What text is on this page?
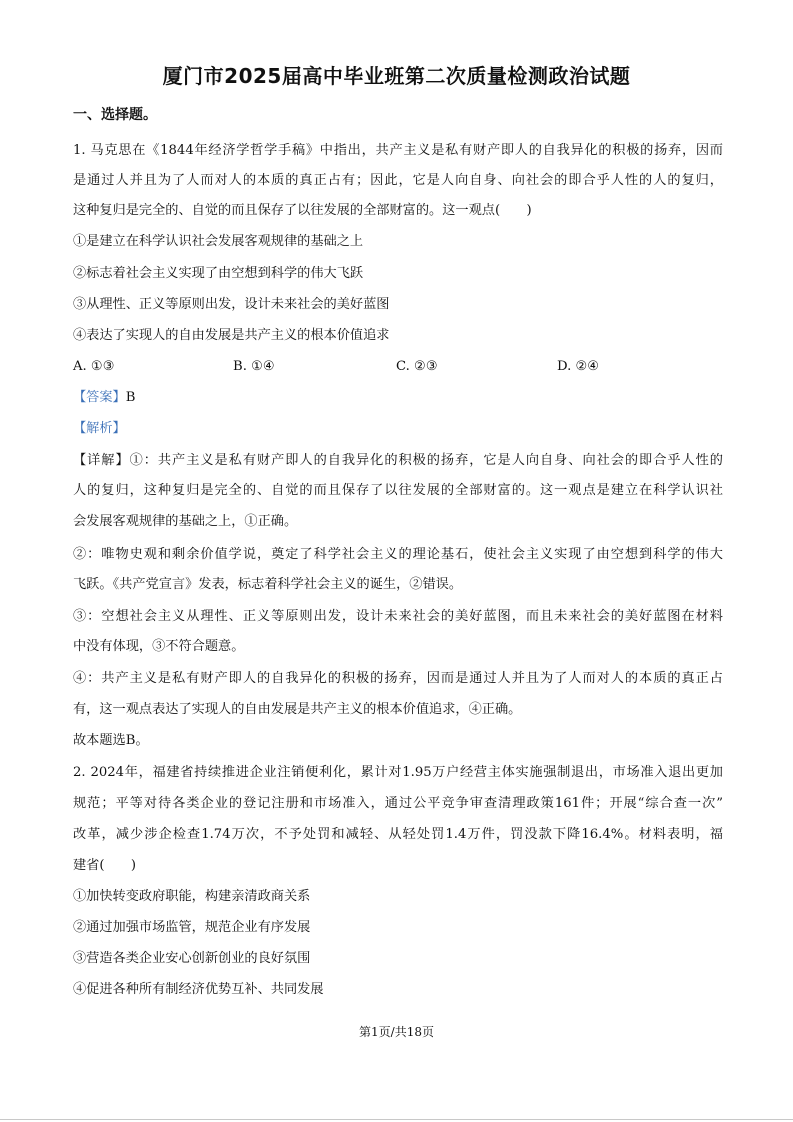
厦门市2025届高中毕业班第二次质量检测政治试题
一、选择题。
1. 马克思在《1844年经济学哲学手稿》中指出，共产主义是私有财产即人的自我异化的积极的扬弃，因而
是通过人并且为了人而对人的本质的真正占有；因此，它是人向自身、向社会的即合乎人性的人的复归，
这种复归是完全的、自觉的而且保存了以往发展的全部财富的。这一观点(　　)
①是建立在科学认识社会发展客观规律的基础之上
②标志着社会主义实现了由空想到科学的伟大飞跃
③从理性、正义等原则出发，设计未来社会的美好蓝图
④表达了实现人的自由发展是共产主义的根本价值追求
A. ①③	B. ①④	C. ②③	D. ②④
【答案】B
【解析】
【详解】①：共产主义是私有财产即人的自我异化的积极的扬弃，它是人向自身、向社会的即合乎人性的
人的复归，这种复归是完全的、自觉的而且保存了以往发展的全部财富的。这一观点是建立在科学认识社
会发展客观规律的基础之上，①正确。
②：唯物史观和剩余价值学说，奠定了科学社会主义的理论基石，使社会主义实现了由空想到科学的伟大
飞跃。《共产党宣言》发表，标志着科学社会主义的诞生，②错误。
③：空想社会主义从理性、正义等原则出发，设计未来社会的美好蓝图，而且未来社会的美好蓝图在材料
中没有体现，③不符合题意。
④：共产主义是私有财产即人的自我异化的积极的扬弃，因而是通过人并且为了人而对人的本质的真正占
有，这一观点表达了实现人的自由发展是共产主义的根本价值追求，④正确。
故本题选B。
2. 2024年，福建省持续推进企业注销便利化，累计对1.95万户经营主体实施强制退出，市场准入退出更加
规范；平等对待各类企业的登记注册和市场准入，通过公平竞争审查清理政策161件；开展“综合查一次”
改革，减少涉企检查1.74万次，不予处罚和减轻、从轻处罚1.4万件，罚没款下降16.4%。材料表明，福
建省(　　)
①加快转变政府职能，构建亲清政商关系
②通过加强市场监管，规范企业有序发展
③营造各类企业安心创新创业的良好氛围
④促进各种所有制经济优势互补、共同发展
第1页/共18页
